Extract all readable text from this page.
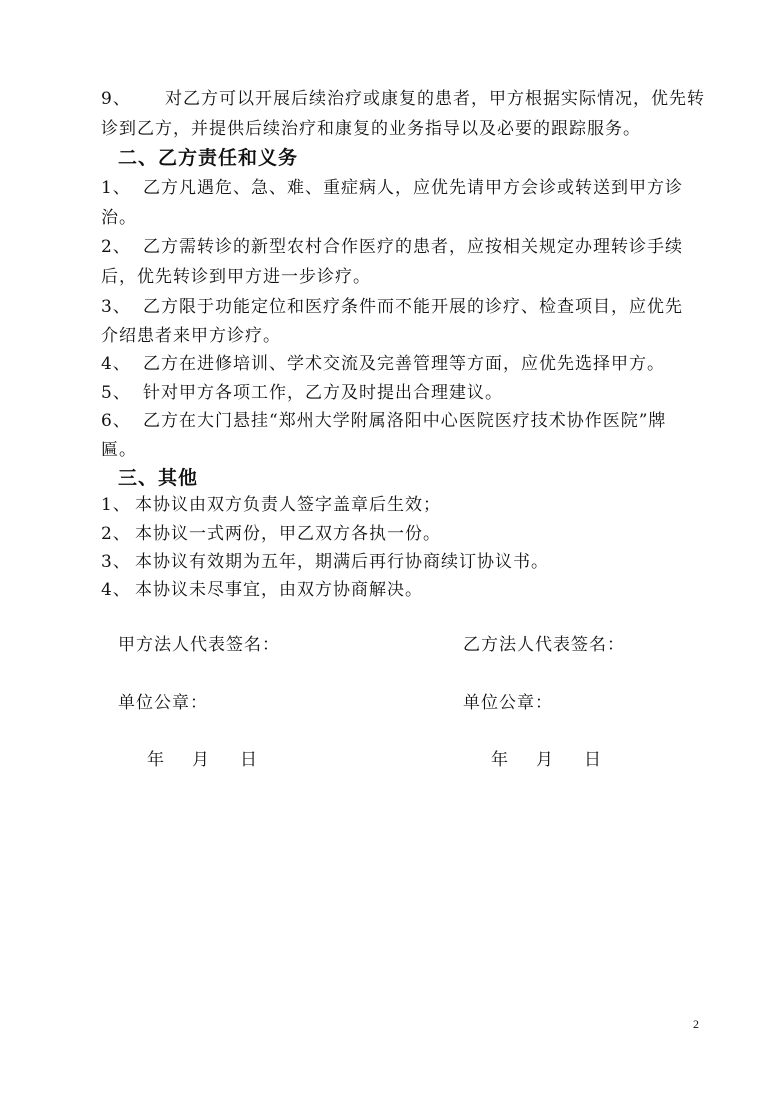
9、 对乙方可以开展后续治疗或康复的患者，甲方根据实际情况，优先转
诊到乙方，并提供后续治疗和康复的业务指导以及必要的跟踪服务。
二、乙方责任和义务
1、 乙方凡遇危、急、难、重症病人，应优先请甲方会诊或转送到甲方诊
治。
2、 乙方需转诊的新型农村合作医疗的患者，应按相关规定办理转诊手续
后，优先转诊到甲方进一步诊疗。
3、 乙方限于功能定位和医疗条件而不能开展的诊疗、检查项目，应优先
介绍患者来甲方诊疗。
4、 乙方在进修培训、学术交流及完善管理等方面，应优先选择甲方。
5、 针对甲方各项工作，乙方及时提出合理建议。
6、 乙方在大门悬挂“郑州大学附属洛阳中心医院医疗技术协作医院”牌
匾。
三、其他
1、 本协议由双方负责人签字盖章后生效；
2、 本协议一式两份，甲乙双方各执一份。
3、 本协议有效期为五年，期满后再行协商续订协议书。
4、 本协议未尽事宜，由双方协商解决。
甲方法人代表签名：	乙方法人代表签名：
单位公章：	单位公章：
年 月 日	年 月 日
2
